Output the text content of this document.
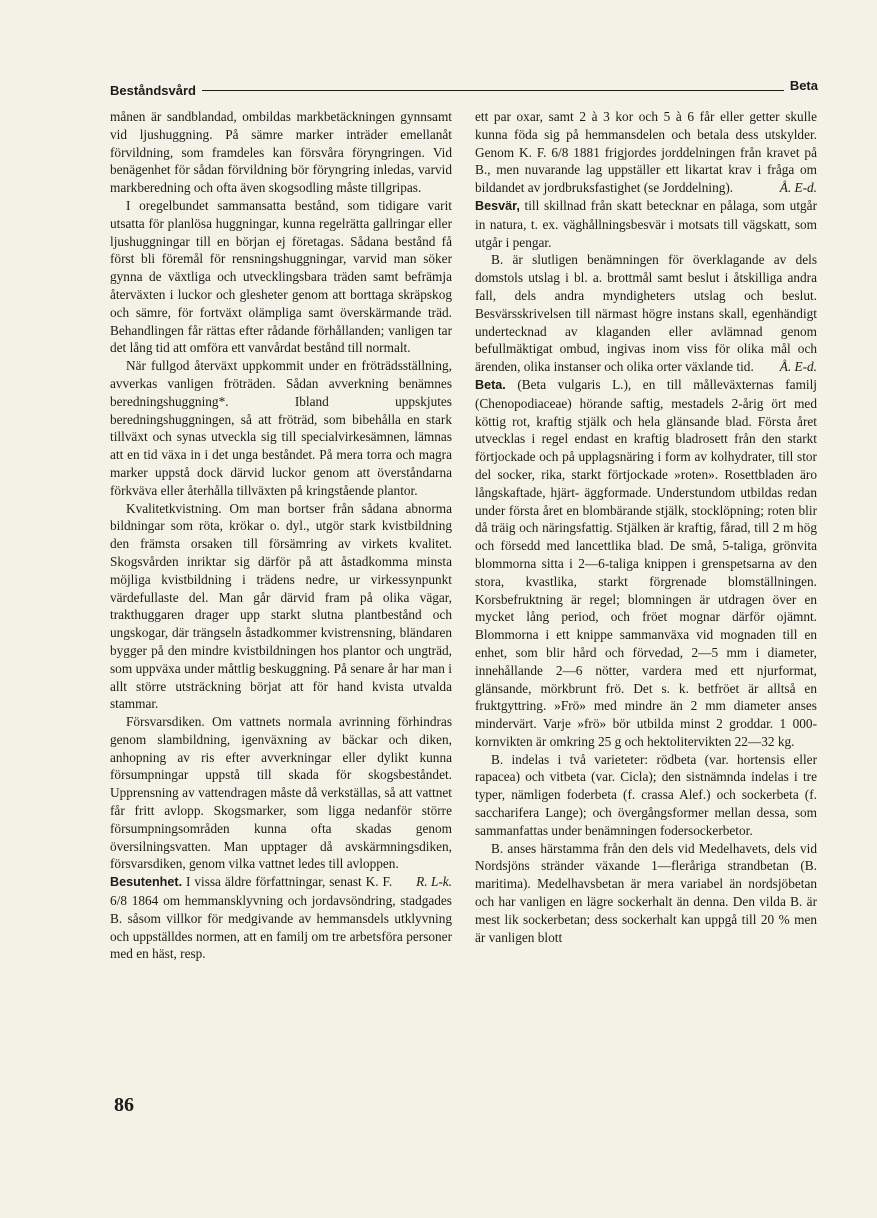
Beståndsvård	Beta

månen är sandblandad, ombildas markbetäckningen gynnsamt vid ljushuggning. På sämre marker inträder emellanåt förvildning, som framdeles kan försvåra föryngringen. Vid benägenhet för sådan förvildning bör föryngring inledas, varvid markberedning och ofta även skogsodling måste tillgripas.

I oregelbundet sammansatta bestånd, som tidigare varit utsatta för planlösa huggningar, kunna regelrätta gallringar eller ljushuggningar till en början ej företagas. Sådana bestånd få först bli föremål för rensningshuggningar, varvid man söker gynna de växtliga och utvecklingsbara träden samt befrämja återväxten i luckor och glesheter genom att borttaga skräpskog och sämre, för fortväxt olämpliga samt överskärmande träd. Behandlingen får rättas efter rådande förhållanden; vanligen tar det lång tid att omföra ett vanvårdat bestånd till normalt.

När fullgod återväxt uppkommit under en fröträdsställning, avverkas vanligen fröträden. Sådan avverkning benämnes beredningshuggning*. Ibland uppskjutes beredningshuggningen, så att fröträd, som bibehålla en stark tillväxt och synas utveckla sig till specialvirkesämnen, lämnas att en tid växa in i det unga beståndet. På mera torra och magra marker uppstå dock därvid luckor genom att överståndarna förkväva eller återhålla tillväxten på kringstående plantor.

Kvalitetkvistning. Om man bortser från sådana abnorma bildningar som röta, krökar o. dyl., utgör stark kvistbildning den främsta orsaken till försämring av virkets kvalitet. Skogsvården inriktar sig därför på att åstadkomma minsta möjliga kvistbildning i trädens nedre, ur virkessynpunkt värdefullaste del. Man går därvid fram på olika vägar, trakthuggaren drager upp starkt slutna plantbestånd och ungskogar, där trängseln åstadkommer kvistrensning, bländaren bygger på den mindre kvistbildningen hos plantor och ungträd, som uppväxa under måttlig beskuggning. På senare år har man i allt större utsträckning börjat att för hand kvista utvalda stammar.

Försvarsdiken. Om vattnets normala avrinning förhindras genom slambildning, igenväxning av bäckar och diken, anhopning av ris efter avverkningar eller dylikt kunna försumpningar uppstå till skada för skogsbeståndet. Upprensning av vattendragen måste då verkställas, så att vattnet får fritt avlopp. Skogsmarker, som ligga nedanför större försumpningsområden kunna ofta skadas genom översilningsvatten. Man upptager då avskärmningsdiken, försvarsdiken, genom vilka vattnet ledes till avloppen.
R. L-k.

Besutenhet. I vissa äldre författningar, senast K. F. 6/8 1864 om hemmansklyvning och jordavsöndring, stadgades B. såsom villkor för medgivande av hemmansdels utklyvning och uppställdes normen, att en familj om tre arbetsföra personer med en häst, resp.

ett par oxar, samt 2 à 3 kor och 5 à 6 får eller getter skulle kunna föda sig på hemmansdelen och betala dess utskylder. Genom K. F. 6/8 1881 frigjordes jorddelningen från kravet på B., men nuvarande lag uppställer ett likartat krav i fråga om bildandet av jordbruksfastighet (se Jorddelning).	Å. E-d.

Besvär, till skillnad från skatt betecknar en pålaga, som utgår in natura, t. ex. väghållningsbesvär i motsats till vägskatt, som utgår i pengar.

B. är slutligen benämningen för överklagande av dels domstols utslag i bl. a. brottmål samt beslut i åtskilliga andra fall, dels andra myndigheters utslag och beslut. Besvärsskrivelsen till närmast högre instans skall, egenhändigt undertecknad av klaganden eller avlämnad genom befullmäktigat ombud, ingivas inom viss för olika mål och ärenden, olika instanser och olika orter växlande tid.	Å. E-d.

Beta. (Beta vulgaris L.), en till målleväxternas familj (Chenopodiaceae) hörande saftig, mestadels 2-årig ört med köttig rot, kraftig stjälk och hela glänsande blad. Första året utvecklas i regel endast en kraftig bladrosett från den starkt förtjockade och på upplagsnäring i form av kolhydrater, till stor del socker, rika, starkt förtjockade »roten». Rosettbladen äro långskaftade, hjärt- äggformade. Understundom utbildas redan under första året en blombärande stjälk, stocklöpning; roten blir då träig och näringsfattig. Stjälken är kraftig, fårad, till 2 m hög och försedd med lancettlika blad. De små, 5-taliga, grönvita blommorna sitta i 2—6-taliga knippen i grenspetsarna av den stora, kvastlika, starkt förgrenade blomställningen. Korsbefruktning är regel; blomningen är utdragen över en mycket lång period, och fröet mognar därför ojämnt. Blommorna i ett knippe sammanväxa vid mognaden till en enhet, som blir hård och förvedad, 2—5 mm i diameter, innehållande 2—6 nötter, vardera med ett njurformat, glänsande, mörkbrunt frö. Det s. k. betfröet är alltså en fruktgyttring. »Frö» med mindre än 2 mm diameter anses mindervärt. Varje »frö» bör utbilda minst 2 groddar. 1 000-kornvikten är omkring 25 g och hektolitervikten 22—32 kg.

B. indelas i två varieteter: rödbeta (var. hortensis eller rapacea) och vitbeta (var. Cicla); den sistnämnda indelas i tre typer, nämligen foderbeta (f. crassa Alef.) och sockerbeta (f. saccharifera Lange); och övergångsformer mellan dessa, som sammanfattas under benämningen fodersockerbetor.

B. anses härstamma från den dels vid Medelhavets, dels vid Nordsjöns stränder växande 1—fleråriga strandbetan (B. maritima). Medelhavsbetan är mera variabel än nordsjöbetan och har vanligen en lägre sockerhalt än denna. Den vilda B. är mest lik sockerbetan; dess sockerhalt kan uppgå till 20 % men är vanligen blott

86
